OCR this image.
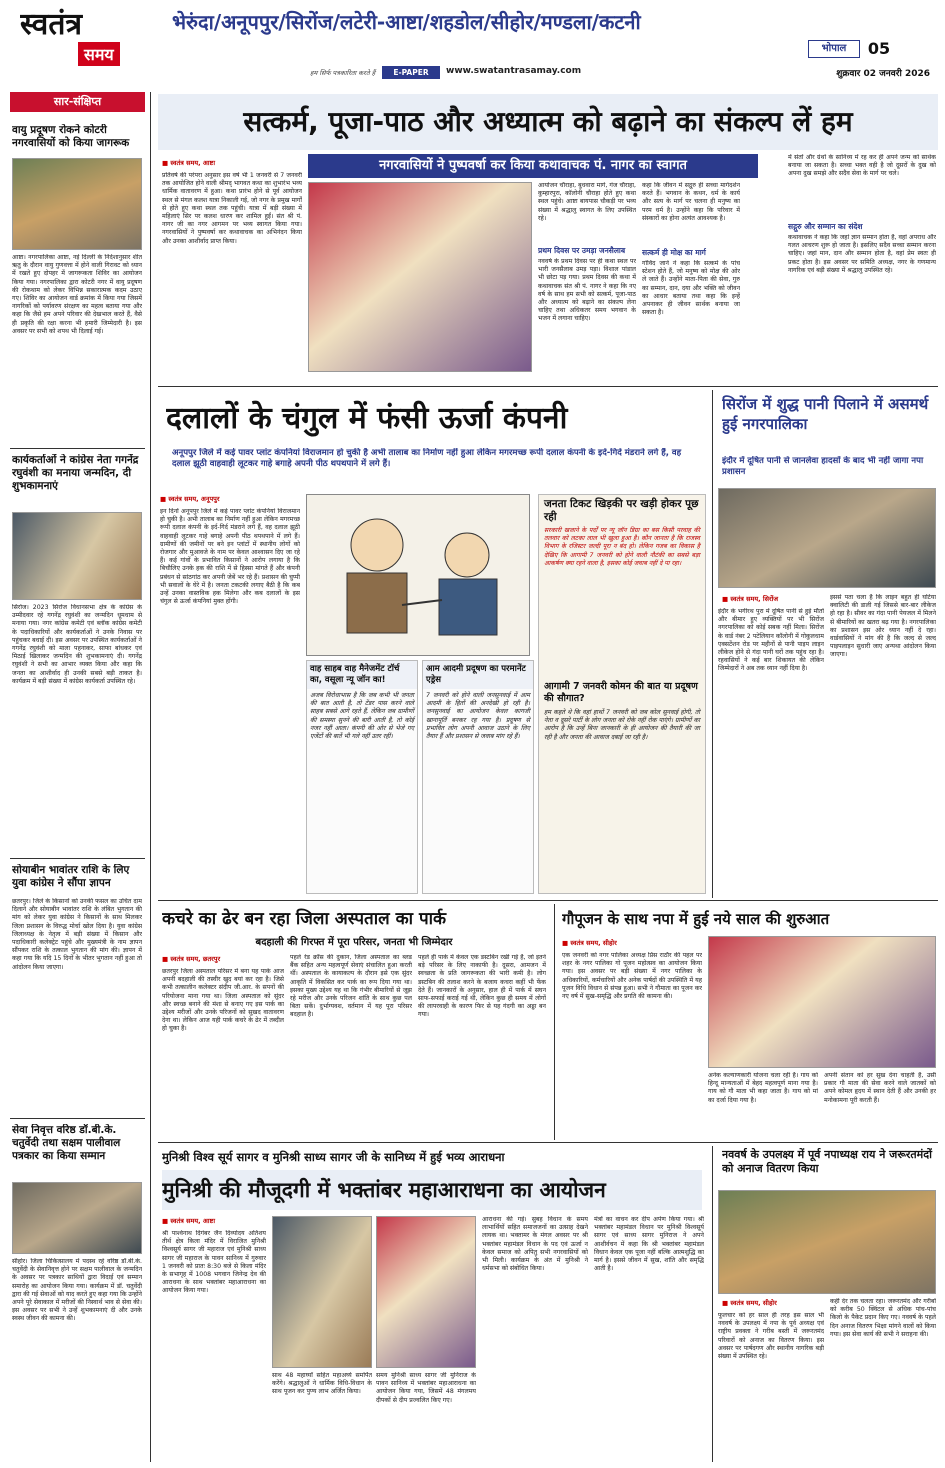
स्वतंत्र
समय
हम सिर्फ पत्रकारिता करते हैं
भेरुंदा/अनूपपुर/सिरोंज/लटेरी-आष्टा/शहडोल/सीहोर/मण्डला/कटनी
E-PAPER	www.swatantrasamay.com
भोपाल	05
शुक्रवार 02 जनवरी 2026
सार-संक्षिप्त
वायु प्रदूषण रोकने कोटरी नगरवासियों को किया जागरूक
आष्टा। नगरपालिका आष्टा, नई दिल्ली के निर्देशानुसार शीत ऋतु के दौरान वायु गुणवत्ता में होने वाली गिरावट को ध्यान में रखते हुए दोपहर में जागरूकता शिविर का आयोजन किया गया। नगरपालिका द्वारा कोटरी नगर में वायु प्रदूषण की रोकथाम को लेकर विभिन्न सकारात्मक कदम उठाए गए। शिविर का आयोजन वार्ड क्रमांक में किया गया जिसमें नागरिकों को पर्यावरण संरक्षण का महत्व बताया गया और कहा कि जैसे हम अपने परिवार की देखभाल करते हैं, वैसे ही प्रकृति की रक्षा करना भी हमारी जिम्मेदारी है। इस अवसर पर सभी को शपथ भी दिलाई गई।
कार्यकर्ताओं ने कांग्रेस नेता गगनेंद्र रघुवंशी का मनाया जन्मदिन, दी शुभकामनाएं
सिरोंज। 2023 सिरोंज विधानसभा क्षेत्र के कांग्रेस के उम्मीदवार रहे गगनेंद्र रघुवंशी का जन्मदिन धूमधाम से मनाया गया। नगर कांग्रेस कमेटी एवं ब्लॉक कांग्रेस कमेटी के पदाधिकारियों और कार्यकर्ताओं ने उनके निवास पर पहुंचकर बधाई दी। इस अवसर पर उपस्थित कार्यकर्ताओं ने गगनेंद्र रघुवंशी को माला पहनाकर, साफा बांधकर एवं मिठाई खिलाकर जन्मदिन की शुभकामनाएं दी। गगनेंद्र रघुवंशी ने सभी का आभार व्यक्त किया और कहा कि जनता का आशीर्वाद ही उनकी सबसे बड़ी ताकत है। कार्यक्रम में बड़ी संख्या में कांग्रेस कार्यकर्ता उपस्थित रहे।
सोयाबीन भावांतर राशि के लिए युवा कांग्रेस ने सौंपा ज्ञापन
छतरपुर। जिले के किसानों को उनकी फसल का उचित दाम दिलाने और सोयाबीन भावांतर राशि के लंबित भुगतान की मांग को लेकर युवा कांग्रेस ने किसानों के साथ मिलकर जिला प्रशासन के विरुद्ध मोर्चा खोल दिया है। युवा कांग्रेस जिलाध्यक्ष के नेतृत्व में बड़ी संख्या में किसान और पदाधिकारी कलेक्ट्रेट पहुंचे और मुख्यमंत्री के नाम ज्ञापन सौंपकर राशि के तत्काल भुगतान की मांग की। ज्ञापन में कहा गया कि यदि 15 दिनों के भीतर भुगतान नहीं हुआ तो आंदोलन किया जाएगा।
सेवा निवृत्त वरिष्ठ डॉ.बी.के. चतुर्वेदी तथा सक्षम पालीवाल पत्रकार का किया सम्मान
सीहोर। जिला चिकित्सालय में पदस्थ रहे वरिष्ठ डॉ.बी.के. चतुर्वेदी के सेवानिवृत्त होने पर सक्षम पालीवाल के जन्मदिन के अवसर पर पत्रकार साथियों द्वारा विदाई एवं सम्मान समारोह का आयोजन किया गया। कार्यक्रम में डॉ. चतुर्वेदी द्वारा की गई सेवाओं को याद करते हुए कहा गया कि उन्होंने अपने पूरे सेवाकाल में मरीजों की निस्वार्थ भाव से सेवा की। इस अवसर पर सभी ने उन्हें शुभकामनाएं दी और उनके स्वस्थ जीवन की कामना की।
सत्कर्म, पूजा-पाठ और अध्यात्म को बढ़ाने का संकल्प लें हम
नगरवासियों ने पुष्पवर्षा कर किया कथावाचक पं. नागर का स्वागत
■ स्वतंत्र समय, आष्टा
प्रतिवर्ष की परंपरा अनुसार इस वर्ष भी 1 जनवरी से 7 जनवरी तक आयोजित होने वाली श्रीमद् भागवत कथा का शुभारंभ भव्य धार्मिक वातावरण में हुआ। कथा प्रारंभ होने से पूर्व आयोजन स्थल से मंगल कलश यात्रा निकाली गई, जो नगर के प्रमुख मार्गों से होते हुए कथा स्थल तक पहुंची। यात्रा में बड़ी संख्या में महिलाएं सिर पर कलश धारण कर शामिल हुईं। संत श्री पं. नागर जी का नगर आगमन पर भव्य स्वागत किया गया। नगरवासियों ने पुष्पवर्षा कर कथावाचक का अभिनंदन किया और उनका आशीर्वाद प्राप्त किया।
आयोजन चौराहा, बुधवारा मार्ग, गंज चौराहा, कुम्हारपुरा, कॉलोनी चौराहा होते हुए कथा स्थल पहुंचे। आष्टा बायपास चौकड़ी पर भव्य संख्या में श्रद्धालु स्वागत के लिए उपस्थित रहे।
प्रथम दिवस पर उमड़ा जनसैलाब
नववर्ष के प्रथम दिवस पर ही कथा स्थल पर भारी जनसैलाब उमड़ पड़ा। विशाल पांडाल भी छोटा पड़ गया। प्रथम दिवस की कथा में कथावाचक संत श्री पं. नागर ने कहा कि नए वर्ष के साथ हम सभी को सत्कर्म, पूजा-पाठ और अध्यात्म को बढ़ाने का संकल्प लेना चाहिए तथा अधिकतर समय भगवान के भजन में लगाना चाहिए।
कहा कि जीवन में सद्गुरु ही सच्चा मार्गदर्शन करते हैं। भगवान के कथन, धर्म के कार्य और सत्य के मार्ग पर चलना ही मनुष्य का परम धर्म है। उन्होंने कहा कि परिवार में संस्कारों का होना अत्यंत आवश्यक है।
सत्कर्म ही मोक्ष का मार्ग
गोविंद जाने ने कहा कि सत्कर्म के पांच स्टेशन होते हैं, जो मनुष्य को मोक्ष की ओर ले जाते हैं। उन्होंने माता-पिता की सेवा, गुरु का सम्मान, दान, दया और भक्ति को जीवन का आधार बताया तथा कहा कि इन्हें अपनाकर ही जीवन सार्थक बनाया जा सकता है।
में संतों और ग्रंथों के सानिध्य में रह कर ही अपने जन्म को सार्थक बनाया जा सकता है। सच्चा भक्त वही है जो दूसरों के दुख को अपना दुख समझे और सदैव सेवा के मार्ग पर चले।
सद्गुरु और सम्मान का संदेश
कथावाचक ने कहा कि जहां ज्ञान सम्मान होता है, वहां अपराध और गलत आचरण शुरू हो जाता है। इसलिए सदैव सच्चा सम्मान करना चाहिए। जहां मान, दान और सम्मान होता है, वहां प्रेम स्वतः ही प्रकट होता है। इस अवसर पर समिति अध्यक्ष, नगर के गणमान्य नागरिक एवं बड़ी संख्या में श्रद्धालु उपस्थित रहे।
दलालों के चंगुल में फंसी ऊर्जा कंपनी
अनूपपुर जिले में कई पावर प्लांट कंपनियां विराजमान हो चुकी है अभी तालाब का निर्माण नहीं हुआ लेकिन मगरमच्छ रूपी दलाल कंपनी के इर्द-गिर्द मंडराने लगे हैं, वह दलाल झूठी वाहवाही लूटकर गाहे बगाहे अपनी पीठ थपथपाने में लगे हैं।
■ स्वतंत्र समय, अनूपपुर
इन दिनों अनूपपुर जिले में कई पावर प्लांट कंपनियां विराजमान हो चुकी है। अभी तालाब का निर्माण नहीं हुआ लेकिन मगरमच्छ रूपी दलाल कंपनी के इर्द-गिर्द मंडराने लगे हैं, वह दलाल झूठी वाहवाही लूटकर गाहे बगाहे अपनी पीठ थपथपाने में लगे हैं। ग्रामीणों की जमीनों पर बने इन प्लांटों में स्थानीय लोगों को रोजगार और मुआवजे के नाम पर केवल आश्वासन दिए जा रहे हैं। कई गांवों के प्रभावित किसानों ने आरोप लगाया है कि बिचौलिए उनके हक की राशि में से हिस्सा मांगते हैं और कंपनी प्रबंधन से सांठगांठ कर अपनी जेबें भर रहे हैं। प्रशासन की चुप्पी भी सवालों के घेरे में है। जनता टकटकी लगाए बैठी है कि कब उन्हें उनका वास्तविक हक मिलेगा और कब दलालों के इस चंगुल से ऊर्जा कंपनियां मुक्त होंगी।
जनता टिकट खिड़की पर खड़ी होकर पूछ रही
सरकारी खजाने के पर्दों पर न्यू जॉन डिग्रा का बस किसी परवाह की तलवार को लटका लाल भी खुला हुआ है। कौन जानता है कि राजस्व विभाग के रजिस्टर जल्दी पूरा न बंद हो। लेकिन गजब का विकास है देखिए कि आगामी 7 जनवरी को होने वाली नौटंकी का सबसे बड़ा आकर्षण क्या रहने वाला है, इसका कोई जवाब नहीं दे पा रहा।
आगामी 7 जनवरी कोमन की बात या प्रदूषण की सौगात?
हम कहते थे कि वहां हाथों 7 जनवरी को जब कोल सुनवाई होगी, तो नेता व दूसरे पार्टी के लोग जनता को रोके नहीं रोक पाएंगे। ग्रामीणों का आरोप है कि उन्हें बिना जानकारी के ही आयोजन की तैयारी की जा रही है और जनता की आवाज दबाई जा रही है।
वाह साहब वाह मैनेजमेंट टॉर्च का, वसूला न्यू जॉन का!
अजब विरोधाभास है कि जब कभी भी जनता की बात आती है, तो टेंडर पास करने वाले साहब सबसे आगे रहते हैं, लेकिन जब ग्रामीणों की समस्या सुनने की बारी आती है, तो कोई नजर नहीं आता। कंपनी की ओर से भेजे गए एजेंटों की बातें भी गले नहीं उतर रहीं।
आम आदमी प्रदूषण का परमानेंट एड्रेस
7 जनवरी को होने वाली जनसुनवाई में आम आदमी के हितों की अनदेखी हो रही है। जनसुनवाई का आयोजन केवल कागजी खानापूर्ति बनकर रह गया है। प्रदूषण से प्रभावित लोग अपनी आवाज उठाने के लिए तैयार हैं और प्रशासन से जवाब मांग रहे हैं।
सिरोंज में शुद्ध पानी पिलाने में असमर्थ हुई नगरपालिका
इंदौर में दूषित पानी से जानलेवा हादसों के बाद भी नहीं जागा नपा प्रशासन
■ स्वतंत्र समय, सिरोंज
इंदौर के भगीरथ पुरा में दूषित पानी से हुई मौतों और बीमार हुए व्यक्तियों पर भी सिरोंज नगरपालिका को कोई सबक नहीं मिला। सिरोंज के वार्ड नंबर 2 पटेलियान कॉलोनी में गोकुलधाम एक्सटेंशन रोड पर महीनों से पानी पाइप लाइन लीकेज होने से गंदा पानी घरों तक पहुंच रहा है। रहवासियों ने कई बार शिकायत की लेकिन जिम्मेदारों ने अब तक ध्यान नहीं दिया है।
इससे पता चला है कि लाइन बहुत ही घटिया क्वालिटी की डाली गई जिससे बार-बार लीकेज हो रहा है। सीवर का गंदा पानी पेयजल में मिलने से बीमारियों का खतरा बढ़ गया है। नगरपालिका का प्रशासन इस ओर ध्यान नहीं दे रहा। वार्डवासियों ने मांग की है कि जल्द से जल्द पाइपलाइन सुधारी जाए अन्यथा आंदोलन किया जाएगा।
कचरे का ढेर बन रहा जिला अस्पताल का पार्क
बदहाली की गिरफ्त में पूरा परिसर, जनता भी जिम्मेदार
■ स्वतंत्र समय, छतरपुर
छतरपुर जिला अस्पताल परिसर में बना यह पार्क आज अपनी बदहाली की तस्वीर खुद बयां कर रहा है। जिसे कभी तत्कालीन कलेक्टर संदीप जी.आर. के सपनों की परियोजना माना गया था। जिला अस्पताल को सुंदर और स्वच्छ बनाने की मंशा से बनाए गए इस पार्क का उद्देश्य मरीजों और उनके परिजनों को सुखद वातावरण देना था। लेकिन आज यही पार्क कचरे के ढेर में तब्दील हो चुका है।
पहले रेड क्रॉस की दुकान, जिला अस्पताल का ब्लड बैंक सहित अन्य महत्वपूर्ण सेवाएं संचालित हुआ करती थीं। अस्पताल के कायाकल्प के दौरान इसे एक सुंदर आकृति में विकसित कर पार्क का रूप दिया गया था। इसका मुख्य उद्देश्य यह था कि गंभीर बीमारियों से जूझ रहे मरीज और उनके परिजन शांति के साथ कुछ पल बिता सकें। दुर्भाग्यवश, वर्तमान में यह पूरा परिसर बदहाल है।
पहले ही पार्क में केवल एक डस्टबिन रखी गई है, जो इतने बड़े परिसर के लिए नाकाफी है। दूसरा, आमजन में स्वच्छता के प्रति जागरूकता की भारी कमी है। लोग डस्टबिन की तलाश करने के बजाय कचरा कहीं भी फेंक देते हैं। जानकारों के अनुसार, हाल ही में पार्क में सघन साफ-सफाई कराई गई थी, लेकिन कुछ ही समय में लोगों की लापरवाही के कारण फिर से यह गंदगी का अड्डा बन गया।
गौपूजन के साथ नपा में हुई नये साल की शुरुआत
■ स्वतंत्र समय, सीहोर
एक जनवरी को नगर पालिका अध्यक्ष प्रिंस राठौर की पहल पर शहर के नगर पालिका गो पूजन महोत्सव का आयोजन किया गया। इस अवसर पर बड़ी संख्या में नगर पालिका के अधिकारियों, कर्मचारियों और अनेक पार्षदों की उपस्थिति में यह पूजन विधि विधान से संपन्न हुआ। सभी ने गौमाता का पूजन कर नए वर्ष में सुख-समृद्धि और प्रगति की कामना की।
अनेक कल्याणकारी योजना चला रही है। गाय को हिन्दू मान्यताओं में बेहद महत्वपूर्ण माना गया है। गाय को गौ माता भी कहा जाता है। गाय को मां का दर्जा दिया गया है।
अपनी संतान को हर सुख देना चाहती है, उसी प्रकार गौ माता की सेवा करने वाले जातकों को अपने कोमल हृदय में स्थान देती हैं और उनकी हर मनोकामना पूरी करती हैं।
मुनिश्री विश्व सूर्य सागर व मुनिश्री साध्य सागर जी के सानिध्य में हुई भव्य आराधना
मुनिश्री की मौजूदगी में भक्तांबर महाआराधना का आयोजन
■ स्वतंत्र समय, आष्टा
श्री पार्श्वनाथ दिगंबर जैन दिव्योदय अतिशय तीर्थ क्षेत्र किला मंदिर में विराजित मुनिश्री विश्वसूर्य सागर जी महाराज एवं मुनिश्री साध्य सागर जी महाराज के पावन सानिध्य में गुरुवार 1 जनवरी को प्रातः 8:30 बजे से किला मंदिर के सभागृह में 1008 भगवान जिनेन्द्र देव की आराधना के साथ भक्तांबर महाआराधना का आयोजन किया गया।
साथ 48 महार्घ्यों सहित महाअर्घ्य समर्पित करेंगे। श्रद्धालुओं ने धार्मिक विधि-विधान के साथ पूजन कर पुण्य लाभ अर्जित किया।
समय मुनिश्री साध्य सागर जी मुनिराज के पावन सानिध्य में भक्तांबर महाआराधना का आयोजन किया गया, जिसमें 48 मंगलमय दीपकों से दीप प्रज्वलित किए गए।
आराधना की गई। सुबह विधान के समय लाभार्थियों सहित समाजजनों का उत्साह देखने लायक था। भक्तामर के मंगल अवसर पर श्री भक्तांबर महामंडल विधान के पद एवं ऊर्जा न केवल समाज को अपितु सभी नगरवासियों को भी मिली। कार्यक्रम के अंत में मुनिश्री ने धर्मसभा को संबोधित किया।
मंत्रों का वाचन कर दीप अर्पण किया गया। श्री भक्तांबर महामंडल विधान पर मुनिश्री विश्वसूर्य सागर एवं साध्य सागर मुनिराज ने अपने आशीर्वचन में कहा कि श्री भक्तांबर महामंडल विधान केवल एक पूजा नहीं बल्कि आत्मशुद्धि का मार्ग है। इससे जीवन में सुख, शांति और समृद्धि आती है।
नववर्ष के उपलक्ष्य में पूर्व नपाध्यक्ष राय ने जरूरतमंदों को अनाज वितरण किया
■ स्वतंत्र समय, सीहोर
फूलचार को हर साल ही तरह इस साल भी नववर्ष के उपलक्ष्य में नपा के पूर्व अध्यक्ष एवं राष्ट्रीय प्रवक्ता ने गरीब बस्ती में जरूरतमंद परिवारों को अनाज का वितरण किया। इस अवसर पर पार्षदगण और स्थानीय नागरिक बड़ी संख्या में उपस्थित रहे।
कहीं देर तक चलता रहा। जरूरतमंद और गरीबों को करीब 50 क्विंटल से अधिक पांच-पांच किलो के पैकेट प्रदान किए गए। नववर्ष के पहले दिन अनाज वितरण भिक्षा मांगने वालों को किया गया। इस सेवा कार्य की सभी ने सराहना की।
